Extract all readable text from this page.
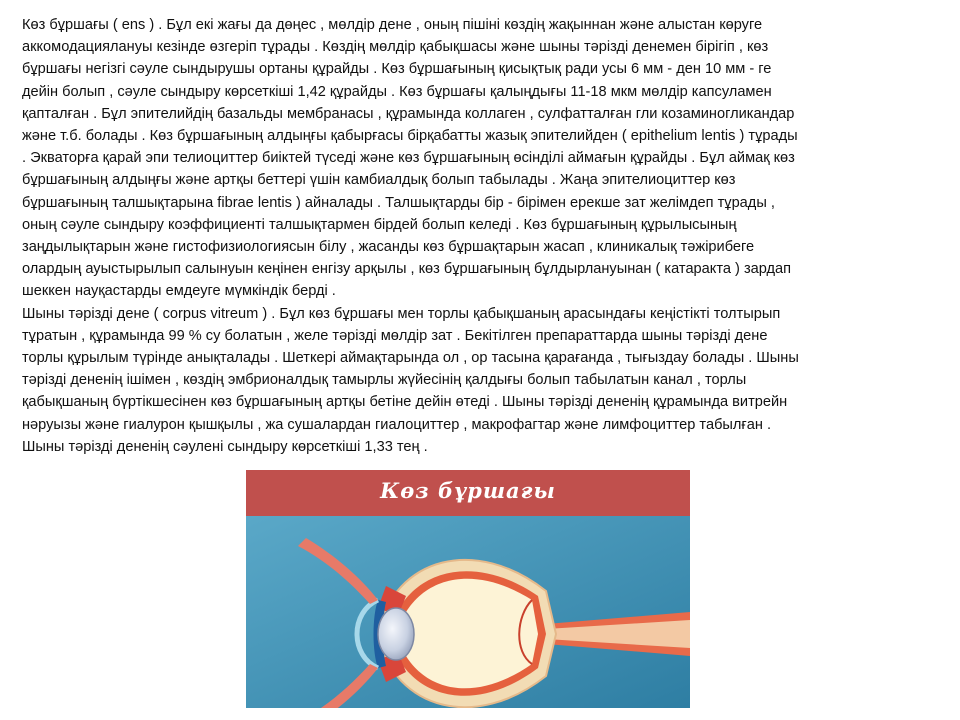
Көз бұршағы ( ens ) . Бұл екі жағы да дөңес , мөлдір дене , оның пішіні көздің жақыннан және алыстан көруге
аккомодациялануы кезінде өзгеріп тұрады . Көздің мөлдір қабықшасы және шыны тәрізді денемен бірігіп , көз
бұршағы негізгі сәуле сындырушы ортаны құрайды . Көз бұршағының қисықтық ради усы 6 мм - ден 10 мм - ге
дейін болып , сәуле сындыру көрсеткіші 1,42 құрайды . Көз бұршағы қалыңдығы 11-18 мкм мөлдір капсуламен
қапталған . Бұл эпителийдің базальды мембранасы , құрамында коллаген , сулфатталған гли козаминогликандар
және т.б. болады . Көз бұршағының алдыңғы қабырғасы бірқабатты жазық эпителийден ( epithelium lentis ) тұрады
. Экваторға қарай эпи телиоциттер биіктей түседі және көз бұршағының өсінділі аймағын құрайды . Бұл аймақ көз
бұршағының алдыңғы және артқы беттері үшін камбиалдық болып табылады . Жаңа эпителиоциттер көз
бұршағының талшықтарына fibrae lentis ) айналады . Талшықтарды бір - бірімен ерекше зат желімдеп тұрады ,
оның сәуле сындыру коэффициенті талшықтармен бірдей болып келеді . Көз бұршағының құрылысының
заңдылықтарын және гистофизиологиясын білу , жасанды көз бұршақтарын жасап , клиникалық тәжірибеге
олардың ауыстырылып салынуын кеңінен енгізу арқылы , көз бұршағының бұлдырлануынан ( катаракта ) зардап
шеккен науқастарды емдеуге мүмкіндік берді .
Шыны тәрізді дене ( corpus vitreum ) . Бұл көз бұршағы мен торлы қабықшаның арасындағы кеңістікті толтырып
тұратын , құрамында 99 % су болатын , желе тәрізді мөлдір зат . Бекітілген препараттарда шыны тәрізді дене
торлы құрылым түрінде анықталады . Шеткері аймақтарында ол , ор тасына қарағанда , тығыздау болады . Шыны
тәрізді дененің ішімен , көздің эмбрионалдық тамырлы жүйесінің қалдығы болып табылатын канал , торлы
қабықшаның бүртікшесінен көз бұршағының артқы бетіне дейін өтеді . Шыны тәрізді дененің құрамында витрейн
нәруызы және гиалурон қышқылы , жа сушалардан гиалоциттер , макрофагтар және лимфоциттер табылған .
Шыны тәрізді дененің сәулені сындыру көрсеткіші 1,33 тең .
Көз бұршағы
